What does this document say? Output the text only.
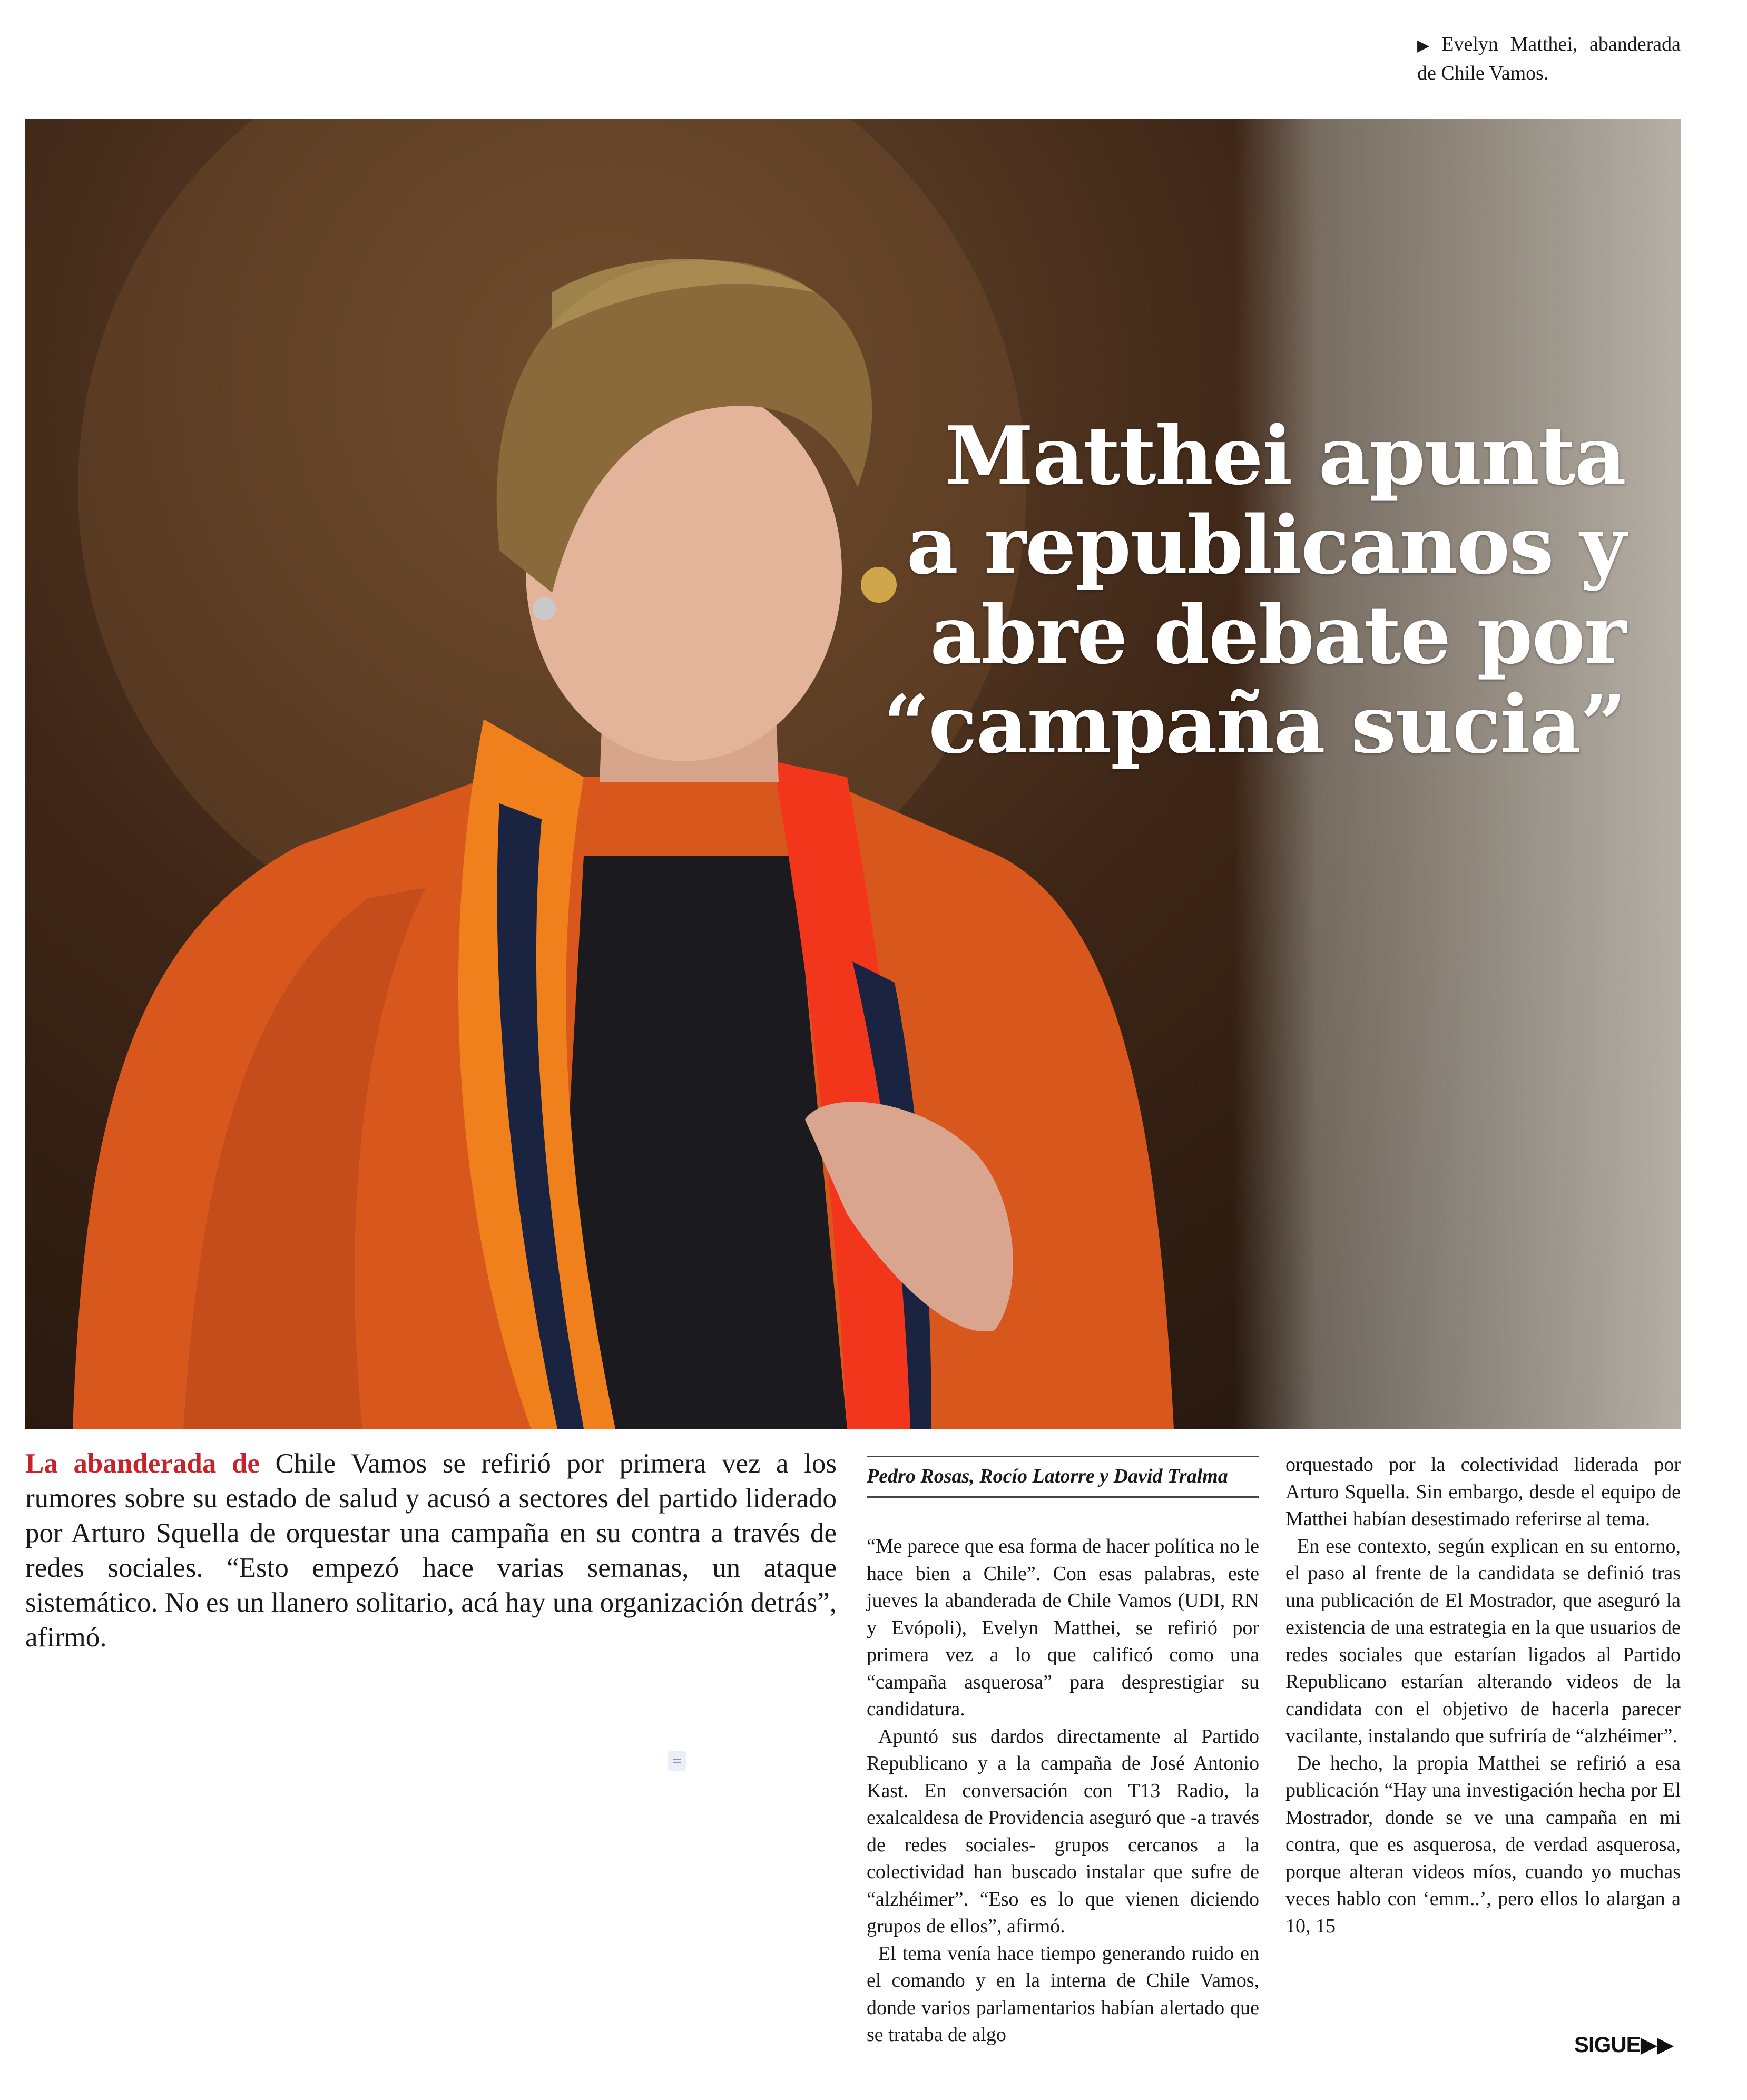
▶ Evelyn Matthei, abanderada de Chile Vamos.
Matthei apunta
a republicanos y
abre debate por
“campaña sucia”

La abanderada de Chile Vamos se refirió por primera vez a los rumores sobre su estado de salud y acusó a sectores del partido liderado por Arturo Squella de orquestar una campaña en su contra a través de redes sociales. “Esto empezó hace varias semanas, un ataque sistemático. No es un llanero solitario, acá hay una organización detrás”, afirmó.

Pedro Rosas, Rocío Latorre y David Tralma

“Me parece que esa forma de hacer política no le hace bien a Chile”. Con esas palabras, este jueves la abanderada de Chile Vamos (UDI, RN y Evópoli), Evelyn Matthei, se refirió por primera vez a lo que calificó como una “campaña asquerosa” para desprestigiar su candidatura.

Apuntó sus dardos directamente al Partido Republicano y a la campaña de José Antonio Kast. En conversación con T13 Radio, la exalcaldesa de Providencia aseguró que -a través de redes sociales- grupos cercanos a la colectividad han buscado instalar que sufre de “alzhéimer”. “Eso es lo que vienen diciendo grupos de ellos”, afirmó.

El tema venía hace tiempo generando ruido en el comando y en la interna de Chile Vamos, donde varios parlamentarios habían alertado que se trataba de algo

orquestado por la colectividad liderada por Arturo Squella. Sin embargo, desde el equipo de Matthei habían desestimado referirse al tema.

En ese contexto, según explican en su entorno, el paso al frente de la candidata se definió tras una publicación de El Mostrador, que aseguró la existencia de una estrategia en la que usuarios de redes sociales que estarían ligados al Partido Republicano estarían alterando videos de la candidata con el objetivo de hacerla parecer vacilante, instalando que sufriría de “alzhéimer”.

De hecho, la propia Matthei se refirió a esa publicación “Hay una investigación hecha por El Mostrador, donde se ve una campaña en mi contra, que es asquerosa, de verdad asquerosa, porque alteran videos míos, cuando yo muchas veces hablo con ‘emm..’, pero ellos lo alargan a 10, 15

SIGUE▶▶
